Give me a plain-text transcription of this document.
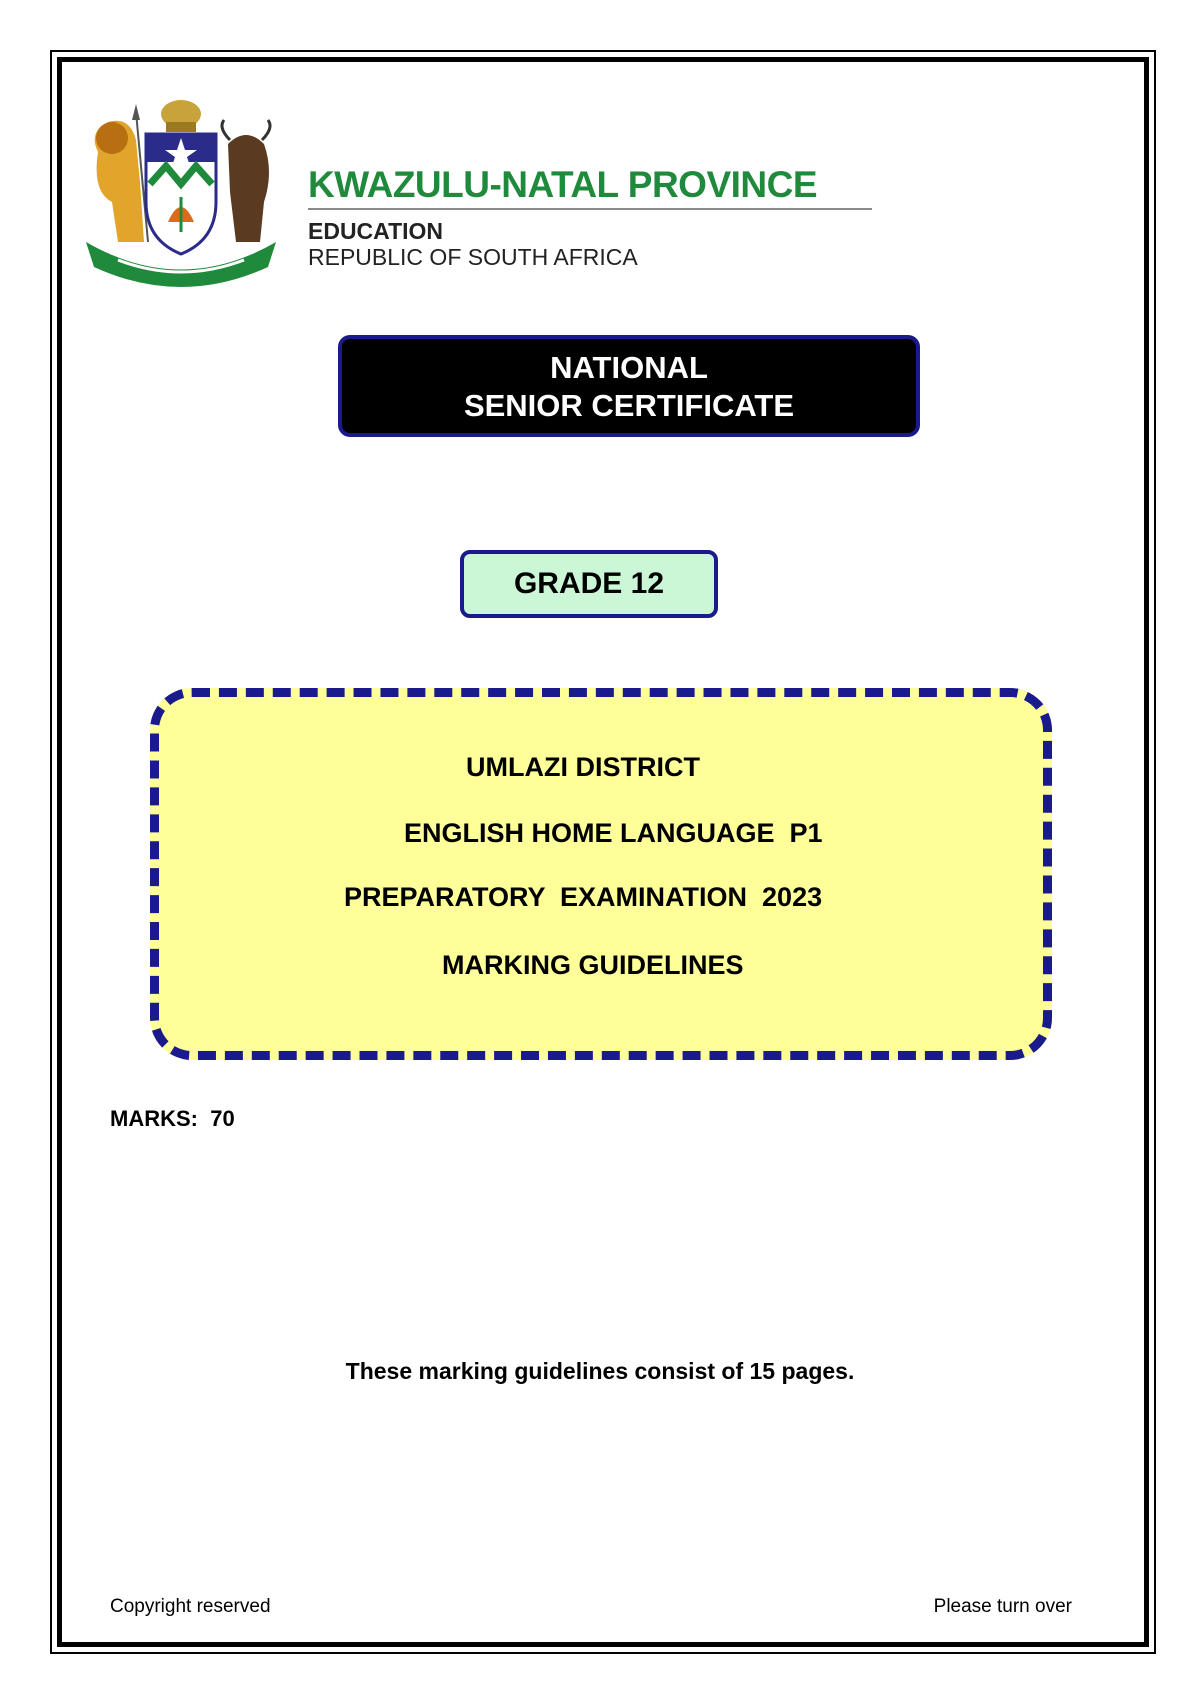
KWAZULU-NATAL PROVINCE
EDUCATION
REPUBLIC OF SOUTH AFRICA
NATIONAL
SENIOR CERTIFICATE
GRADE 12
UMLAZI DISTRICT
ENGLISH HOME LANGUAGE  P1
PREPARATORY  EXAMINATION  2023
MARKING GUIDELINES
MARKS:  70
These marking guidelines consist of 15 pages.
Copyright reserved	Please turn over
